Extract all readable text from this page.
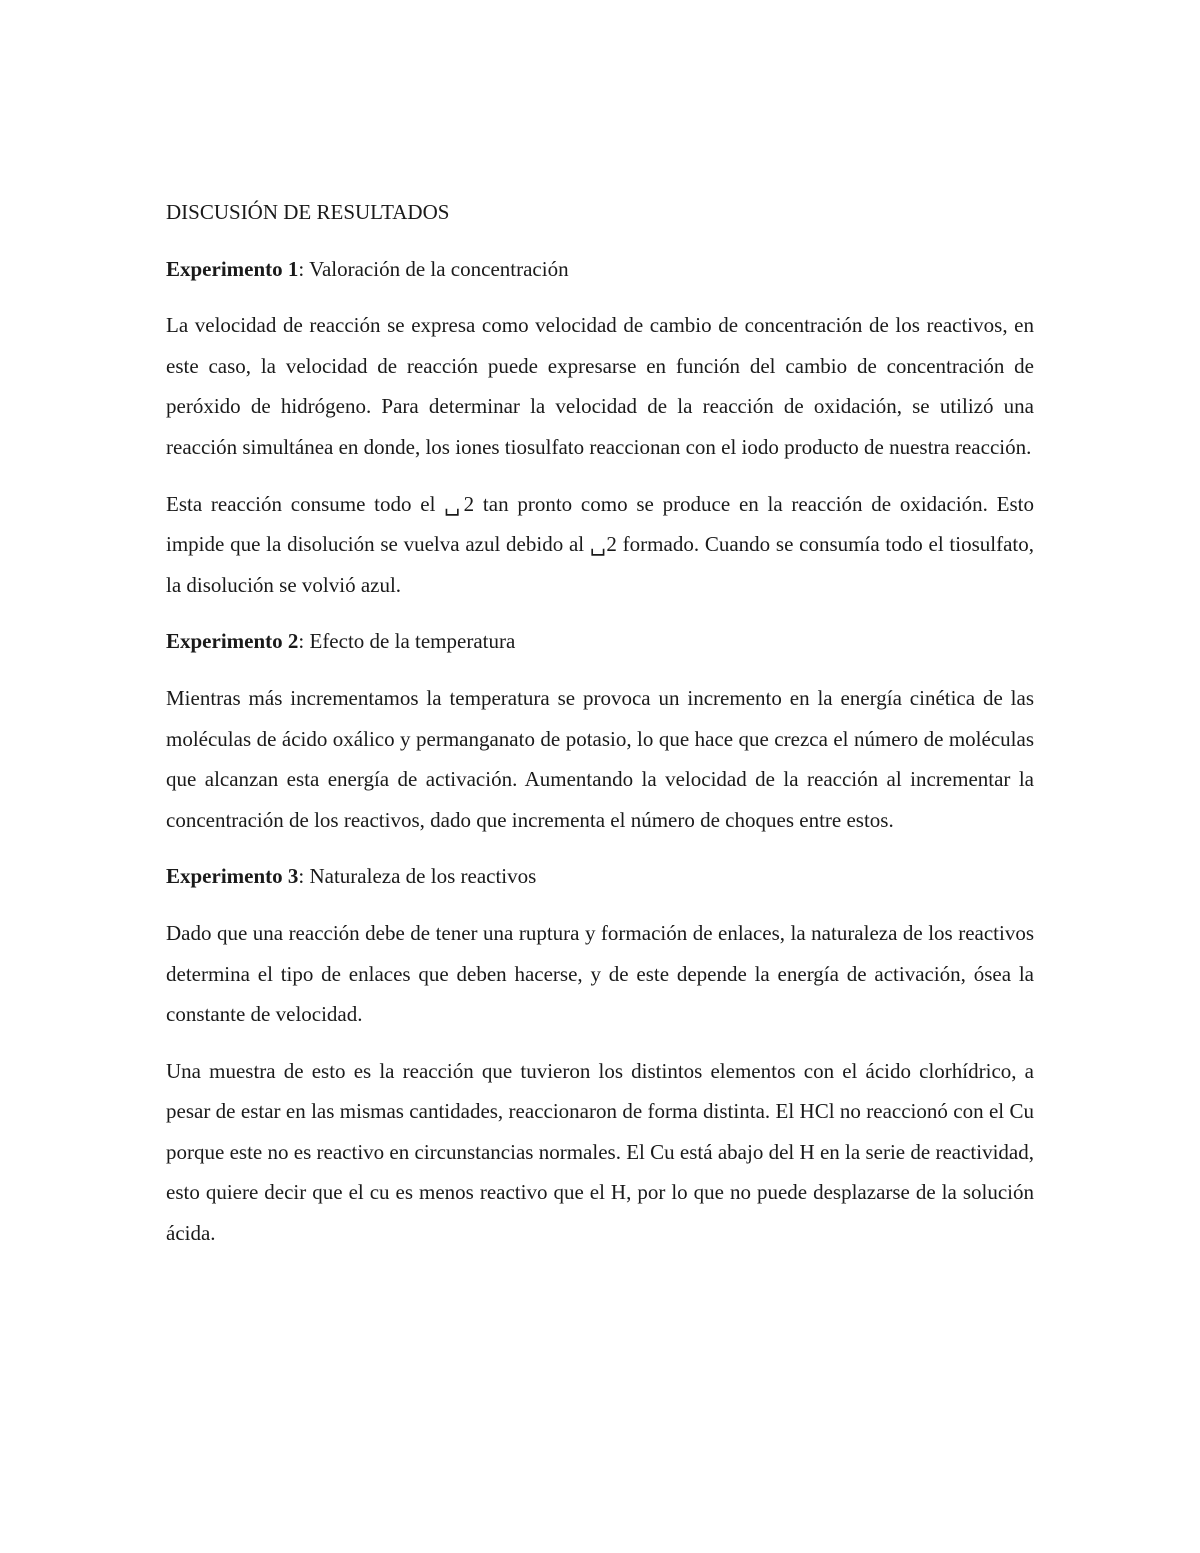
DISCUSIÓN DE RESULTADOS
Experimento 1: Valoración de la concentración

La velocidad de reacción se expresa como velocidad de cambio de concentración de los reactivos, en este caso, la velocidad de reacción puede expresarse en función del cambio de concentración de peróxido de hidrógeno. Para determinar la velocidad de la reacción de oxidación, se utilizó una reacción simultánea en donde, los iones tiosulfato reaccionan con el iodo producto de nuestra reacción.

Esta reacción consume todo el ␣2 tan pronto como se produce en la reacción de oxidación. Esto impide que la disolución se vuelva azul debido al ␣2 formado. Cuando se consumía todo el tiosulfato, la disolución se volvió azul.

Experimento 2: Efecto de la temperatura

Mientras más incrementamos la temperatura se provoca un incremento en la energía cinética de las moléculas de ácido oxálico y permanganato de potasio, lo que hace que crezca el número de moléculas que alcanzan esta energía de activación. Aumentando la velocidad de la reacción al incrementar la concentración de los reactivos, dado que incrementa el número de choques entre estos.

Experimento 3: Naturaleza de los reactivos

Dado que una reacción debe de tener una ruptura y formación de enlaces, la naturaleza de los reactivos determina el tipo de enlaces que deben hacerse, y de este depende la energía de activación, ósea la constante de velocidad.

Una muestra de esto es la reacción que tuvieron los distintos elementos con el ácido clorhídrico, a pesar de estar en las mismas cantidades, reaccionaron de forma distinta. El HCl no reaccionó con el Cu porque este no es reactivo en circunstancias normales. El Cu está abajo del H en la serie de reactividad, esto quiere decir que el cu es menos reactivo que el H, por lo que no puede desplazarse de la solución ácida.
